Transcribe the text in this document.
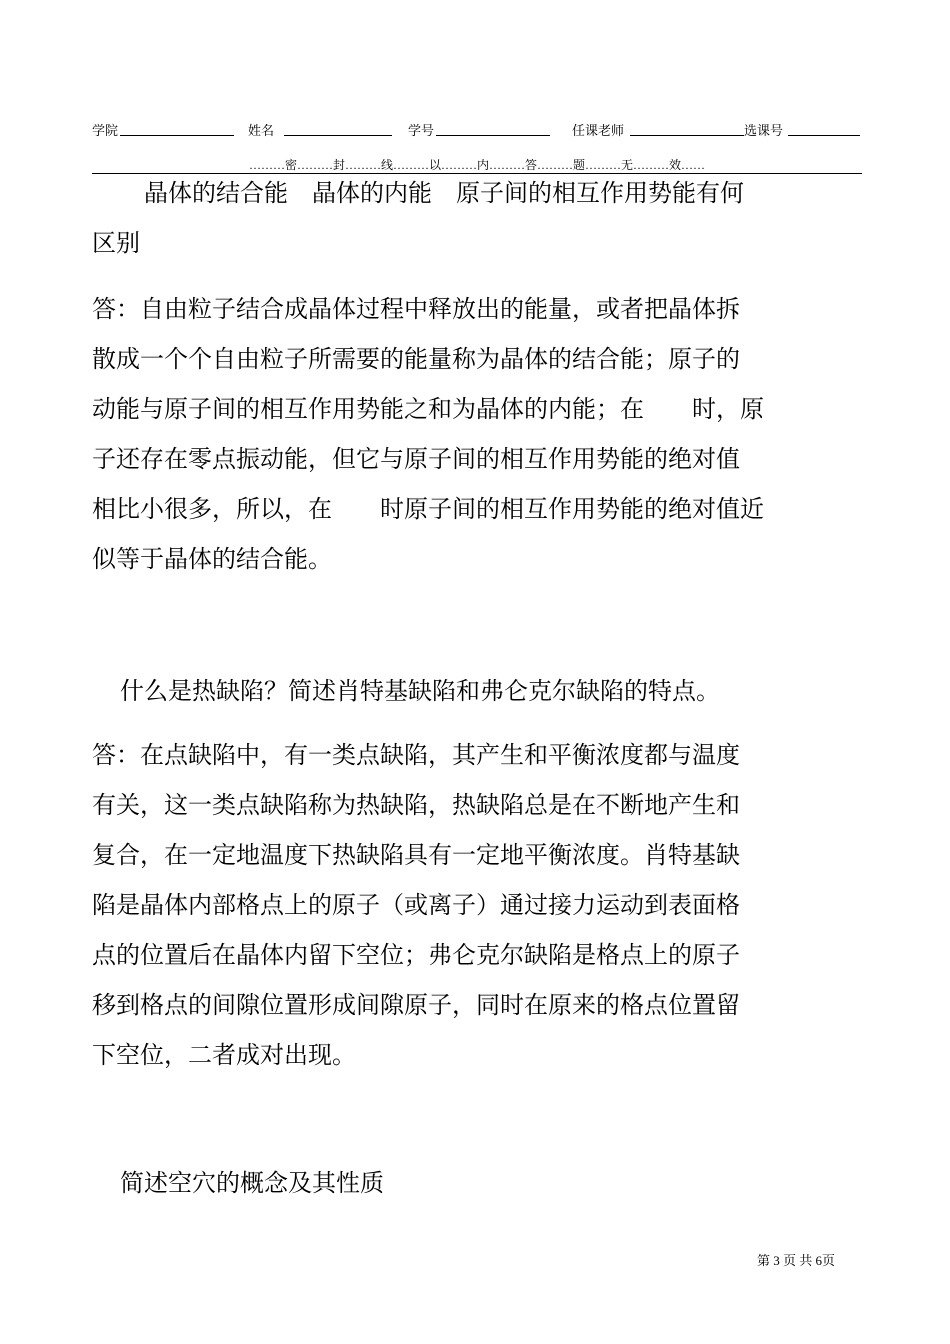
学院	姓名	学号	任课老师	选课号
………密………封………线………以………内………答………题………无………效……
　晶体的结合能　晶体的内能　原子间的相互作用势能有何
区别
答：自由粒子结合成晶体过程中释放出的能量，或者把晶体拆
散成一个个自由粒子所需要的能量称为晶体的结合能；原子的
动能与原子间的相互作用势能之和为晶体的内能；在　　时，原
子还存在零点振动能，但它与原子间的相互作用势能的绝对值
相比小很多，所以，在　　时原子间的相互作用势能的绝对值近
似等于晶体的结合能。
什么是热缺陷？简述肖特基缺陷和弗仑克尔缺陷的特点。
答：在点缺陷中，有一类点缺陷，其产生和平衡浓度都与温度
有关，这一类点缺陷称为热缺陷，热缺陷总是在不断地产生和
复合，在一定地温度下热缺陷具有一定地平衡浓度。肖特基缺
陷是晶体内部格点上的原子（或离子）通过接力运动到表面格
点的位置后在晶体内留下空位；弗仑克尔缺陷是格点上的原子
移到格点的间隙位置形成间隙原子，同时在原来的格点位置留
下空位，二者成对出现。
简述空穴的概念及其性质
第 3 页 共 6页
